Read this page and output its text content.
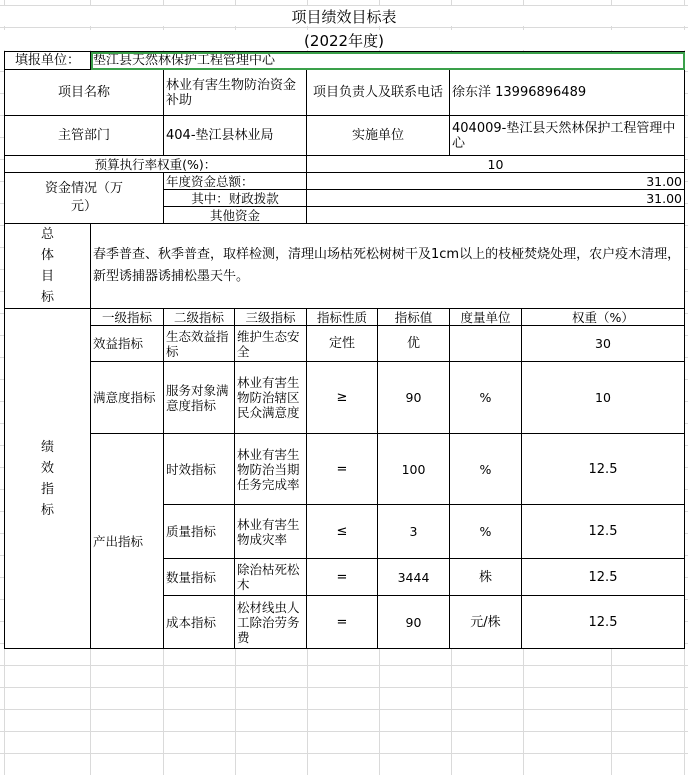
项目绩效目标表
(2022年度)
填报单位：	垫江县天然林保护工程管理中心						
项目名称		林业有害生物防治资金补助		项目负责人及联系电话		徐东洋 13996896489	
主管部门		404-垫江县林业局		实施单位		404009-垫江县天然林保护工程管理中心	
预算执行率权重(%)：				10			
资金情况（万元）		年度资金总额：		31.00			
		其中：财政拨款		31.00			
		其他资金					
总体目标	春季普查、秋季普查，取样检测，清理山场枯死松树树干及1cm以上的枝桠焚烧处理，农户疫木清理，新型诱捕器诱捕松墨天牛。						
绩效指标	一级指标	二级指标	三级指标	指标性质	指标值	度量单位	权重（%）
	效益指标	生态效益指标	维护生态安全	定性	优		30
	满意度指标	服务对象满意度指标	林业有害生物防治辖区民众满意度	≥	90	%	10
	产出指标	时效指标	林业有害生物防治当期任务完成率	=	100	%	12.5
		质量指标	林业有害生物成灾率	≤	3	%	12.5
		数量指标	除治枯死松木	=	3444	株	12.5
		成本指标	松材线虫人工除治劳务费	=	90	元/株	12.5
